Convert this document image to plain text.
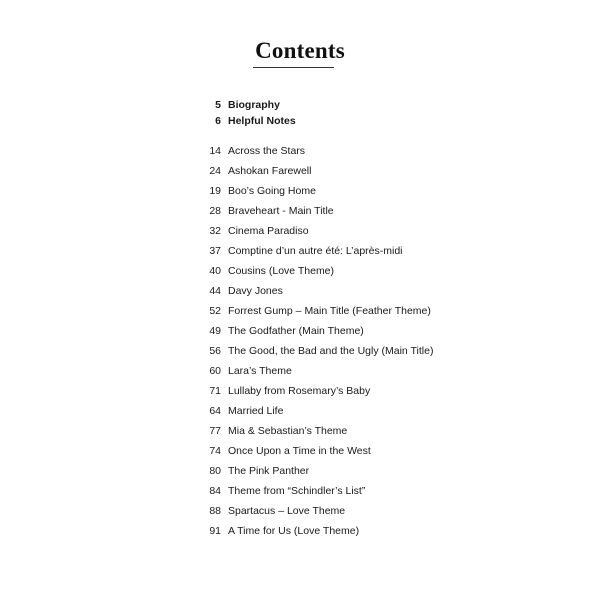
Contents
5 Biography
6 Helpful Notes
14 Across the Stars
24 Ashokan Farewell
19 Boo’s Going Home
28 Braveheart - Main Title
32 Cinema Paradiso
37 Comptine d’un autre été: L’après-midi
40 Cousins (Love Theme)
44 Davy Jones
52 Forrest Gump – Main Title (Feather Theme)
49 The Godfather (Main Theme)
56 The Good, the Bad and the Ugly (Main Title)
60 Lara’s Theme
71 Lullaby from Rosemary’s Baby
64 Married Life
77 Mia & Sebastian’s Theme
74 Once Upon a Time in the West
80 The Pink Panther
84 Theme from “Schindler’s List”
88 Spartacus – Love Theme
91 A Time for Us (Love Theme)
